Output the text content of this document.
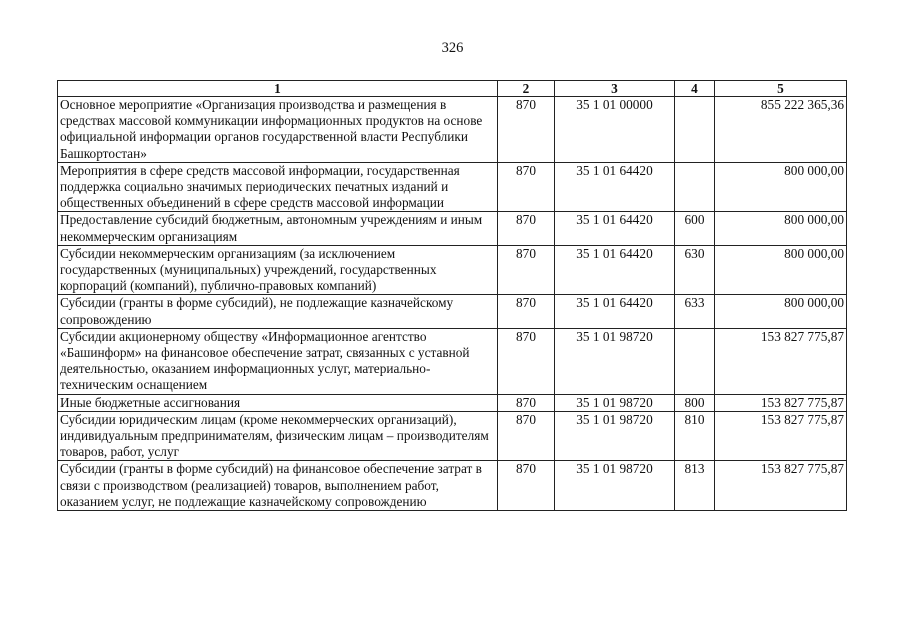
326
1	2	3	4	5
Основное мероприятие «Организация производства и размещения в средствах массовой коммуникации информационных продуктов на основе официальной информации органов государственной власти Республики Башкортостан»	870	35 1 01 00000		855 222 365,36
Мероприятия в сфере средств массовой информации, государственная поддержка социально значимых периодических печатных изданий и общественных объединений в сфере средств массовой информации	870	35 1 01 64420		800 000,00
Предоставление субсидий бюджетным, автономным учреждениям и иным некоммерческим организациям	870	35 1 01 64420	600	800 000,00
Субсидии некоммерческим организациям (за исключением государственных (муниципальных) учреждений, государственных корпораций (компаний), публично-правовых компаний)	870	35 1 01 64420	630	800 000,00
Субсидии (гранты в форме субсидий), не подлежащие казначейскому сопровождению	870	35 1 01 64420	633	800 000,00
Субсидии акционерному обществу «Информационное агентство «Башинформ» на финансовое обеспечение затрат, связанных с уставной деятельностью, оказанием информационных услуг, материально-техническим оснащением	870	35 1 01 98720		153 827 775,87
Иные бюджетные ассигнования	870	35 1 01 98720	800	153 827 775,87
Субсидии юридическим лицам (кроме некоммерческих организаций), индивидуальным предпринимателям, физическим лицам – производителям товаров, работ, услуг	870	35 1 01 98720	810	153 827 775,87
Субсидии (гранты в форме субсидий) на финансовое обеспечение затрат в связи с производством (реализацией) товаров, выполнением работ, оказанием услуг, не подлежащие казначейскому сопровождению	870	35 1 01 98720	813	153 827 775,87
